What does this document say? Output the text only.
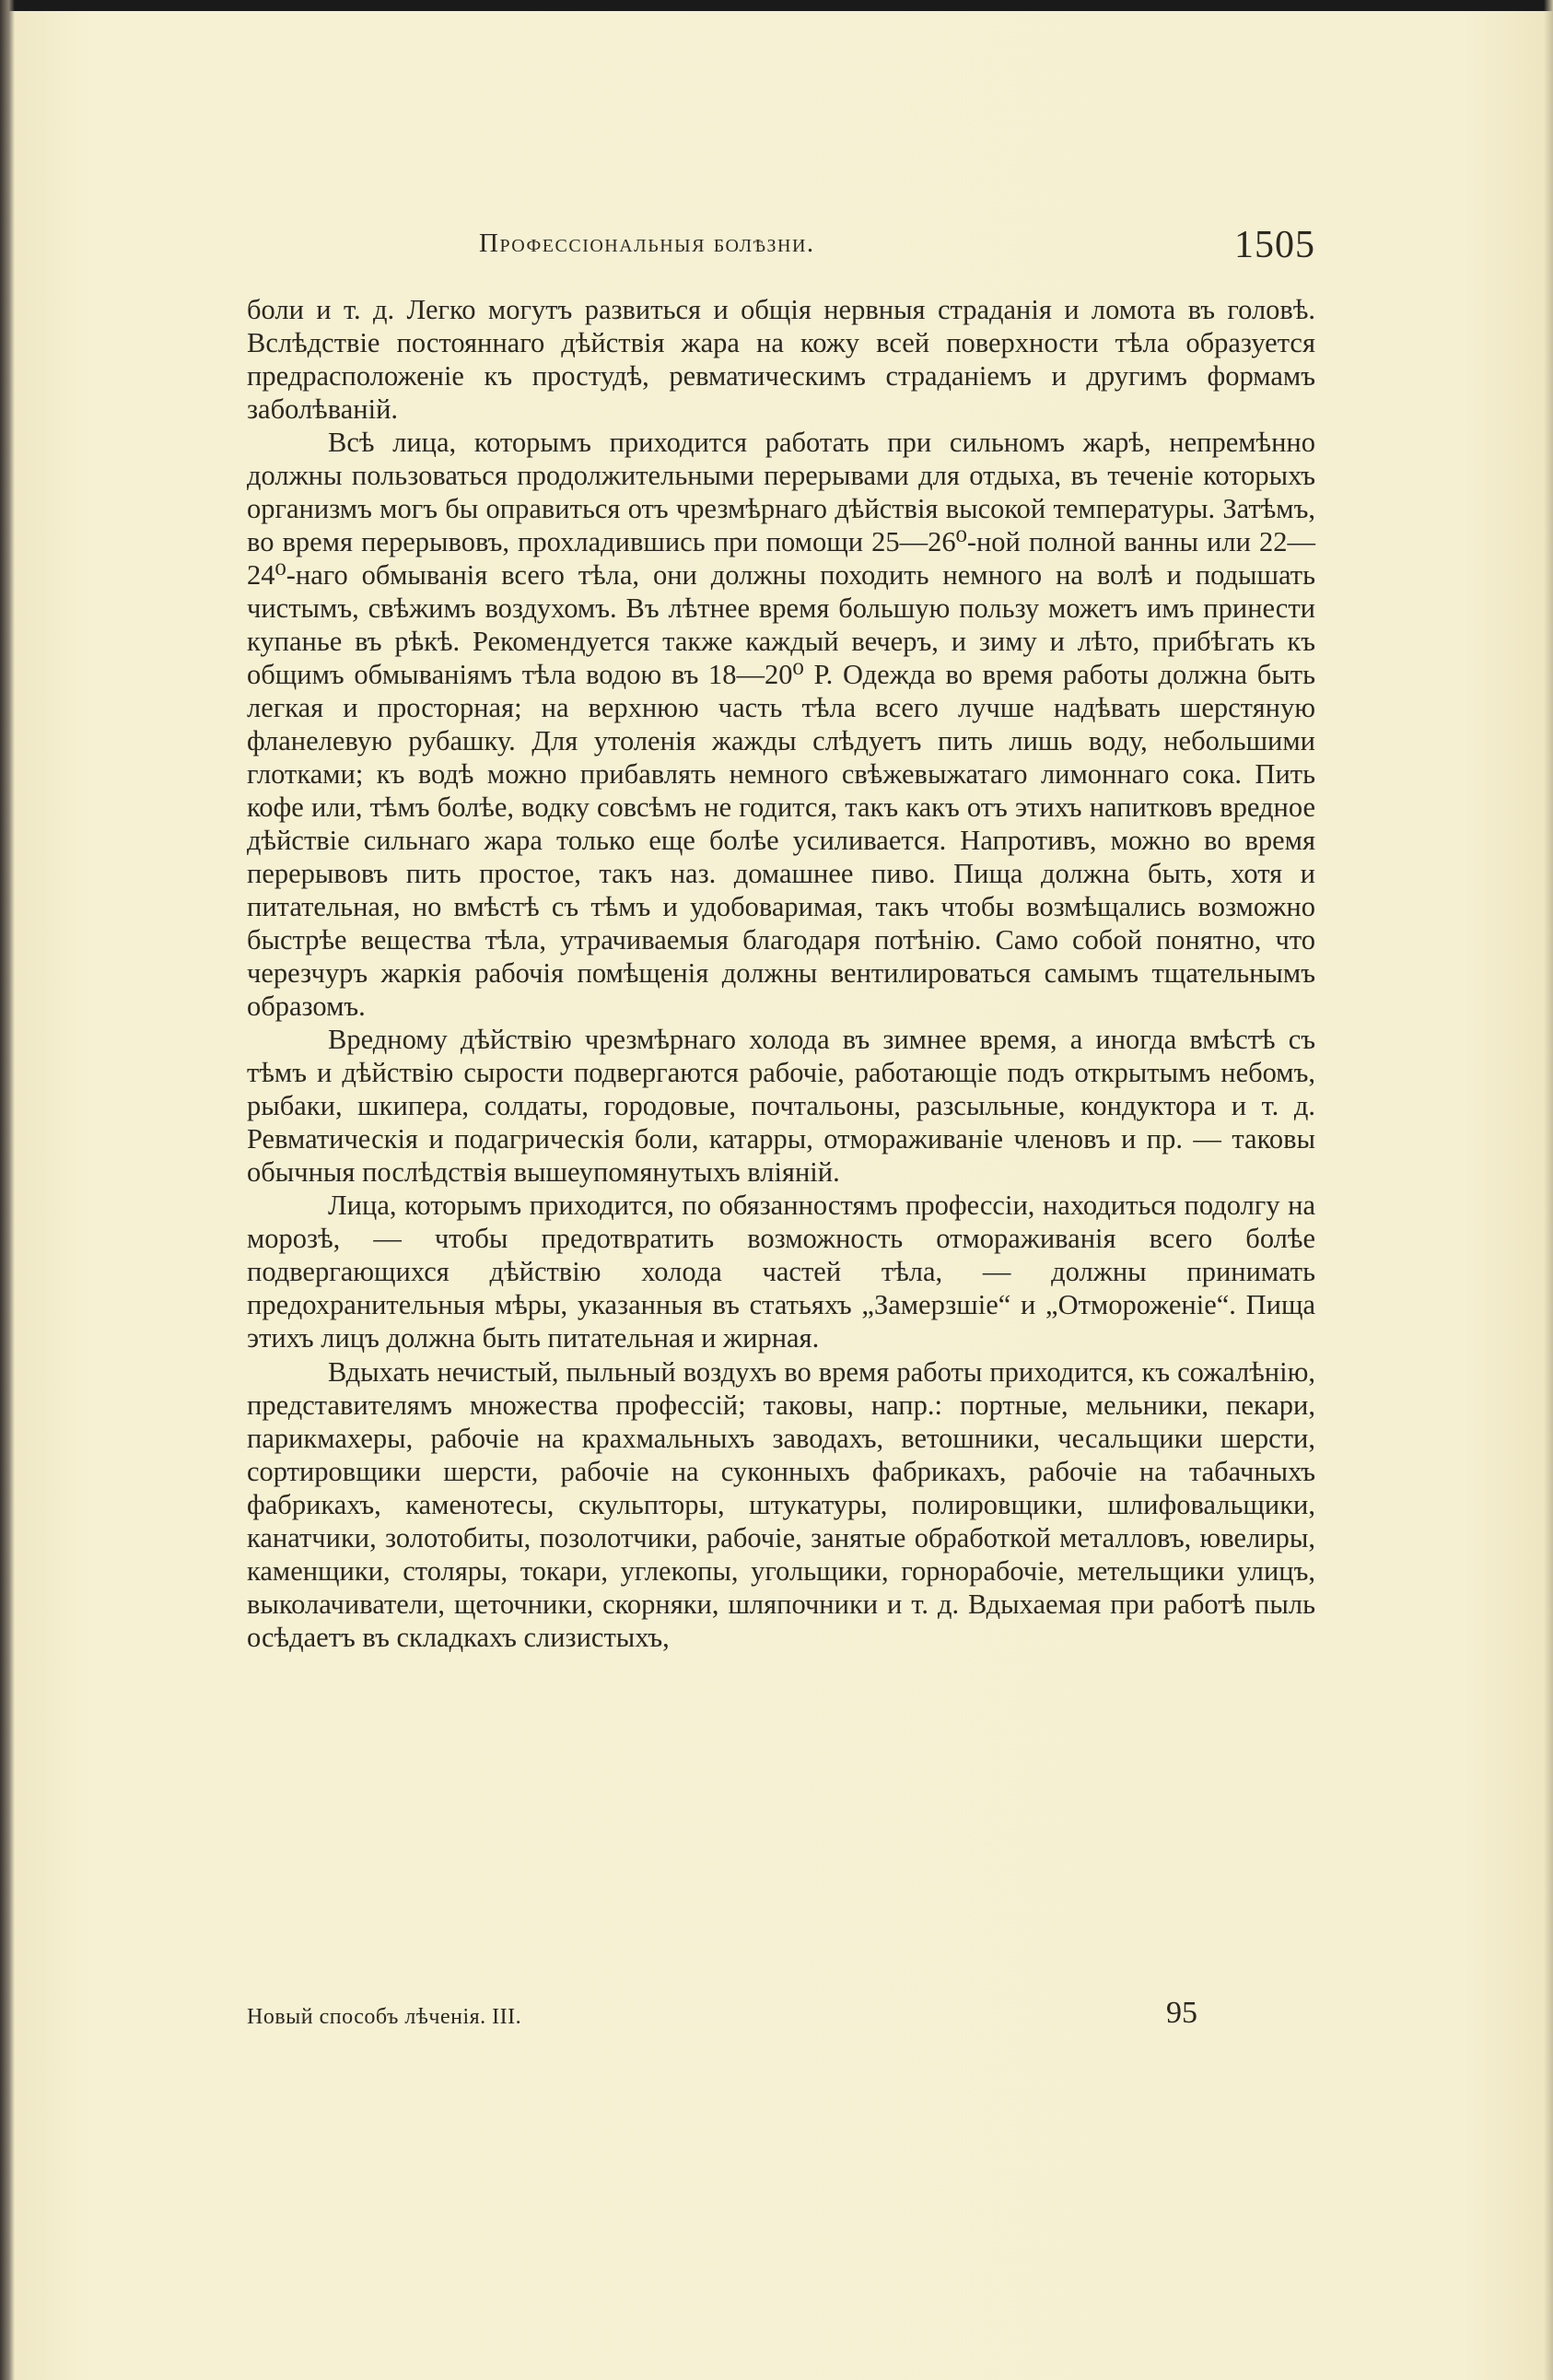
Профессіональныя болѣзни.	1505

боли и т. д. Легко могутъ развиться и общія нервныя страданія и ломота въ головѣ. Вслѣдствіе постояннаго дѣйствія жара на кожу всей поверхности тѣла образуется предрасположеніе къ простудѣ, ревматическимъ страданіемъ и другимъ формамъ заболѣваній.

Всѣ лица, которымъ приходится работать при сильномъ жарѣ, непремѣнно должны пользоваться продолжительными перерывами для отдыха, въ теченіе которыхъ организмъ могъ бы оправиться отъ чрезмѣрнаго дѣйствія высокой температуры. Затѣмъ, во время перерывовъ, прохладившись при помощи 25—26⁰-ной полной ванны или 22—24⁰-наго обмыванія всего тѣла, они должны походить немного на волѣ и подышать чистымъ, свѣжимъ воздухомъ. Въ лѣтнее время большую пользу можетъ имъ принести купанье въ рѣкѣ. Рекомендуется также каждый вечеръ, и зиму и лѣто, прибѣгать къ общимъ обмываніямъ тѣла водою въ 18—20⁰ Р. Одежда во время работы должна быть легкая и просторная; на верхнюю часть тѣла всего лучше надѣвать шерстяную фланелевую рубашку. Для утоленія жажды слѣдуетъ пить лишь воду, небольшими глотками; къ водѣ можно прибавлять немного свѣжевыжатаго лимоннаго сока. Пить кофе или, тѣмъ болѣе, водку совсѣмъ не годится, такъ какъ отъ этихъ напитковъ вредное дѣйствіе сильнаго жара только еще болѣе усиливается. Напротивъ, можно во время перерывовъ пить простое, такъ наз. домашнее пиво. Пища должна быть, хотя и питательная, но вмѣстѣ съ тѣмъ и удобоваримая, такъ чтобы возмѣщались возможно быстрѣе вещества тѣла, утрачиваемыя благодаря потѣнію. Само собой понятно, что черезчуръ жаркія рабочія помѣщенія должны вентилироваться самымъ тщательнымъ образомъ.

Вредному дѣйствію чрезмѣрнаго холода въ зимнее время, а иногда вмѣстѣ съ тѣмъ и дѣйствію сырости подвергаются рабочіе, работающіе подъ открытымъ небомъ, рыбаки, шкипера, солдаты, городовые, почтальоны, разсыльные, кондуктора и т. д. Ревматическія и подагрическія боли, катарры, отмораживаніе членовъ и пр. — таковы обычныя послѣдствія вышеупомянутыхъ вліяній.

Лица, которымъ приходится, по обязанностямъ профессіи, находиться подолгу на морозѣ, — чтобы предотвратить возможность отмораживанія всего болѣе подвергающихся дѣйствію холода частей тѣла, — должны принимать предохранительныя мѣры, указанныя въ статьяхъ „Замерзшіе“ и „Отмороженіе“. Пища этихъ лицъ должна быть питательная и жирная.

Вдыхать нечистый, пыльный воздухъ во время работы приходится, къ сожалѣнію, представителямъ множества профессій; таковы, напр.: портные, мельники, пекари, парикмахеры, рабочіе на крахмальныхъ заводахъ, ветошники, чесальщики шерсти, сортировщики шерсти, рабочіе на суконныхъ фабрикахъ, рабочіе на табачныхъ фабрикахъ, каменотесы, скульпторы, штукатуры, полировщики, шлифовальщики, канатчики, золотобиты, позолотчики, рабочіе, занятые обработкой металловъ, ювелиры, каменщики, столяры, токари, углекопы, угольщики, горнорабочіе, метельщики улицъ, выколачиватели, щеточники, скорняки, шляпочники и т. д. Вдыхаемая при работѣ пыль осѣдаетъ въ складкахъ слизистыхъ,

Новый способъ лѣченія. III.	95
